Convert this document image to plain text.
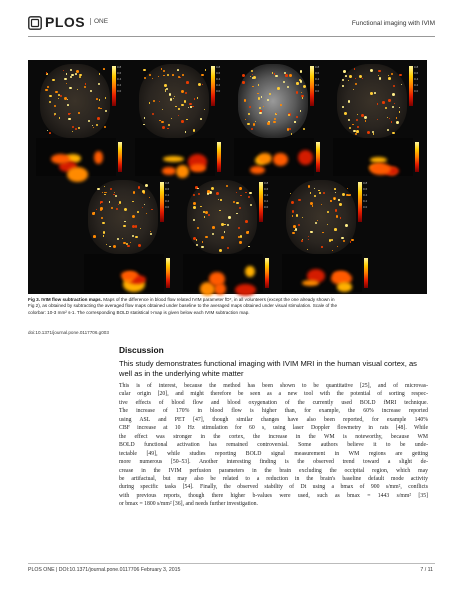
PLOS	ONE	Functional imaging with IVIM
0.8
0.6
0.4
0.2
0.0
0.8
0.6
0.4
0.2
0.0
0.8
0.6
0.4
0.2
0.0
0.8
0.6
0.4
0.2
0.0
0.8
0.6
0.4
0.2
0.0
0.8
0.6
0.4
0.2
0.0
0.8
0.6
0.4
0.2
0.0
Fig 3. IVIM flow subtraction maps. Maps of the difference in blood flow related IVIM parameter fD*, in all volunteers (except the one already shown in
Fig 2), as obtained by subtracting the averaged flow maps obtained under baseline to the averaged maps obtained under visual stimulation. Scale of the
colorbar: 10-3 mm² s-1. The corresponding BOLD statistical t-map is given below each IVIM subtraction map.
doi:10.1371/journal.pone.0117706.g003
Discussion
This study demonstrates functional imaging with IVIM MRI in the human visual cortex, as well as in the underlying white matter
This is of interest, because the method has been shown to be quantitative [25], and of microvas-
cular origin [20], and might therefore be seen as a new tool with the potential of sorting respec-
tive effects of blood flow and blood oxygenation of the currently used BOLD fMRI technique.
The increase of 170% in blood flow is higher than, for example, the 60% increase reported
using ASL and PET [47], though similar changes have also been reported, for example 140%
CBF increase at 10 Hz stimulation for 60 s, using laser Doppler flowmetry in rats [48]. While
the effect was stronger in the cortex, the increase in the WM is noteworthy, because WM
BOLD functional activation has remained controversial. Some authors believe it to be unde-
tectable [49], while studies reporting BOLD signal measurement in WM regions are getting
more numerous [50–53]. Another interesting finding is the observed trend toward a slight de-
crease in the IVIM perfusion parameters in the brain excluding the occipital region, which may
be artifactual, but may also be related to a reduction in the brain's baseline default mode activity
during specific tasks [54]. Finally, the observed stability of Dt using a bmax of 900 s/mm², conflicts
with previous reports, though there higher b-values were used, such as bmax = 1443 s/mm² [35]
or bmax = 1800 s/mm² [36], and needs further investigation.
PLOS ONE | DOI:10.1371/journal.pone.0117706 February 3, 2015	7 / 11
